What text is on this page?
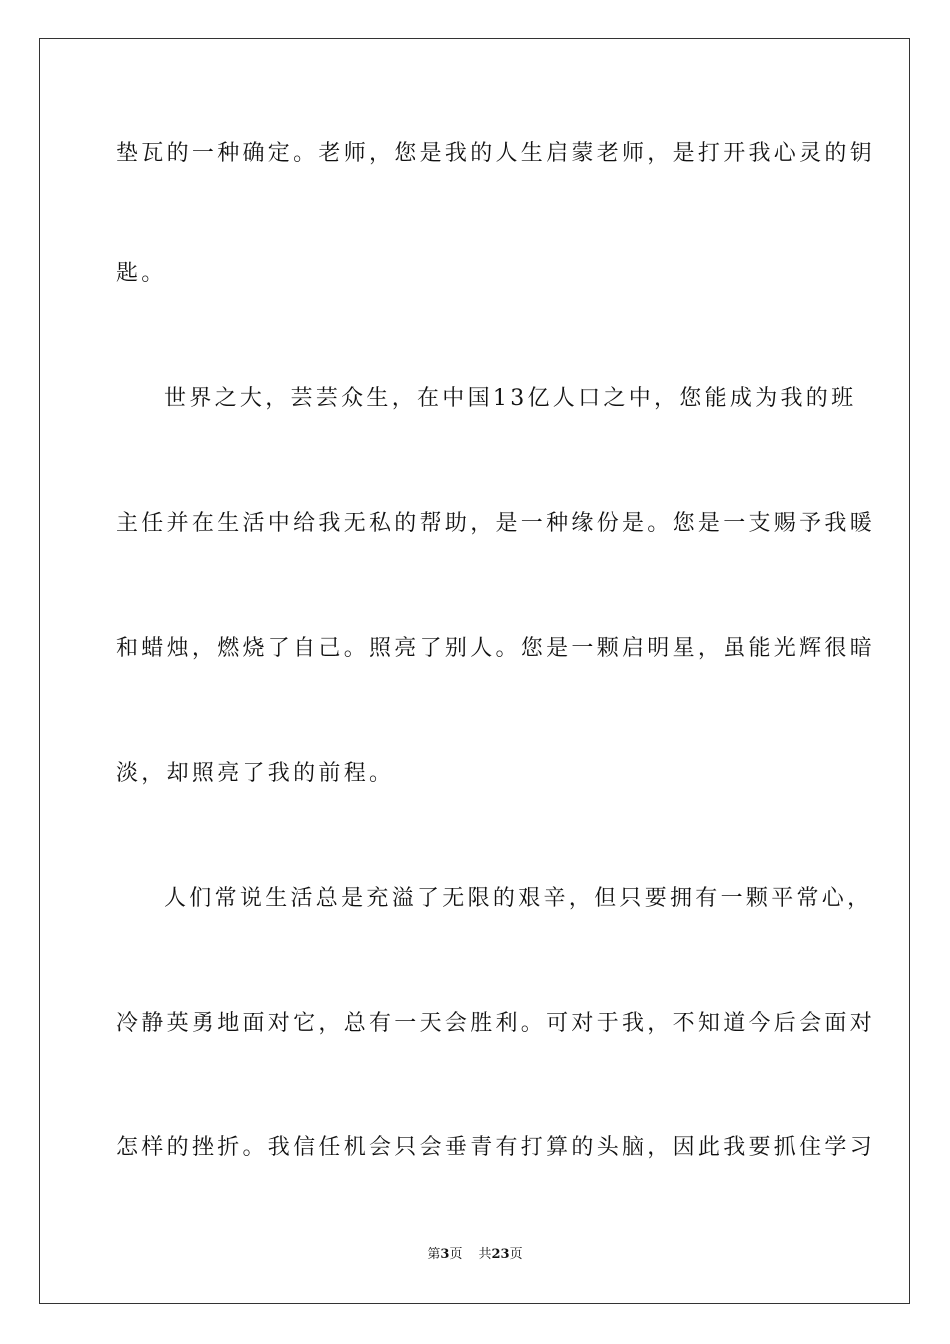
垫瓦的一种确定。老师，您是我的人生启蒙老师，是打开我心灵的钥

匙。

世界之大，芸芸众生，在中国13亿人口之中，您能成为我的班

主任并在生活中给我无私的帮助，是一种缘份是。您是一支赐予我暖

和蜡烛，燃烧了自己。照亮了别人。您是一颗启明星，虽能光辉很暗

淡，却照亮了我的前程。

人们常说生活总是充溢了无限的艰辛，但只要拥有一颗平常心，

冷静英勇地面对它，总有一天会胜利。可对于我，不知道今后会面对

怎样的挫折。我信任机会只会垂青有打算的头脑，因此我要抓住学习

第3页 共23页
